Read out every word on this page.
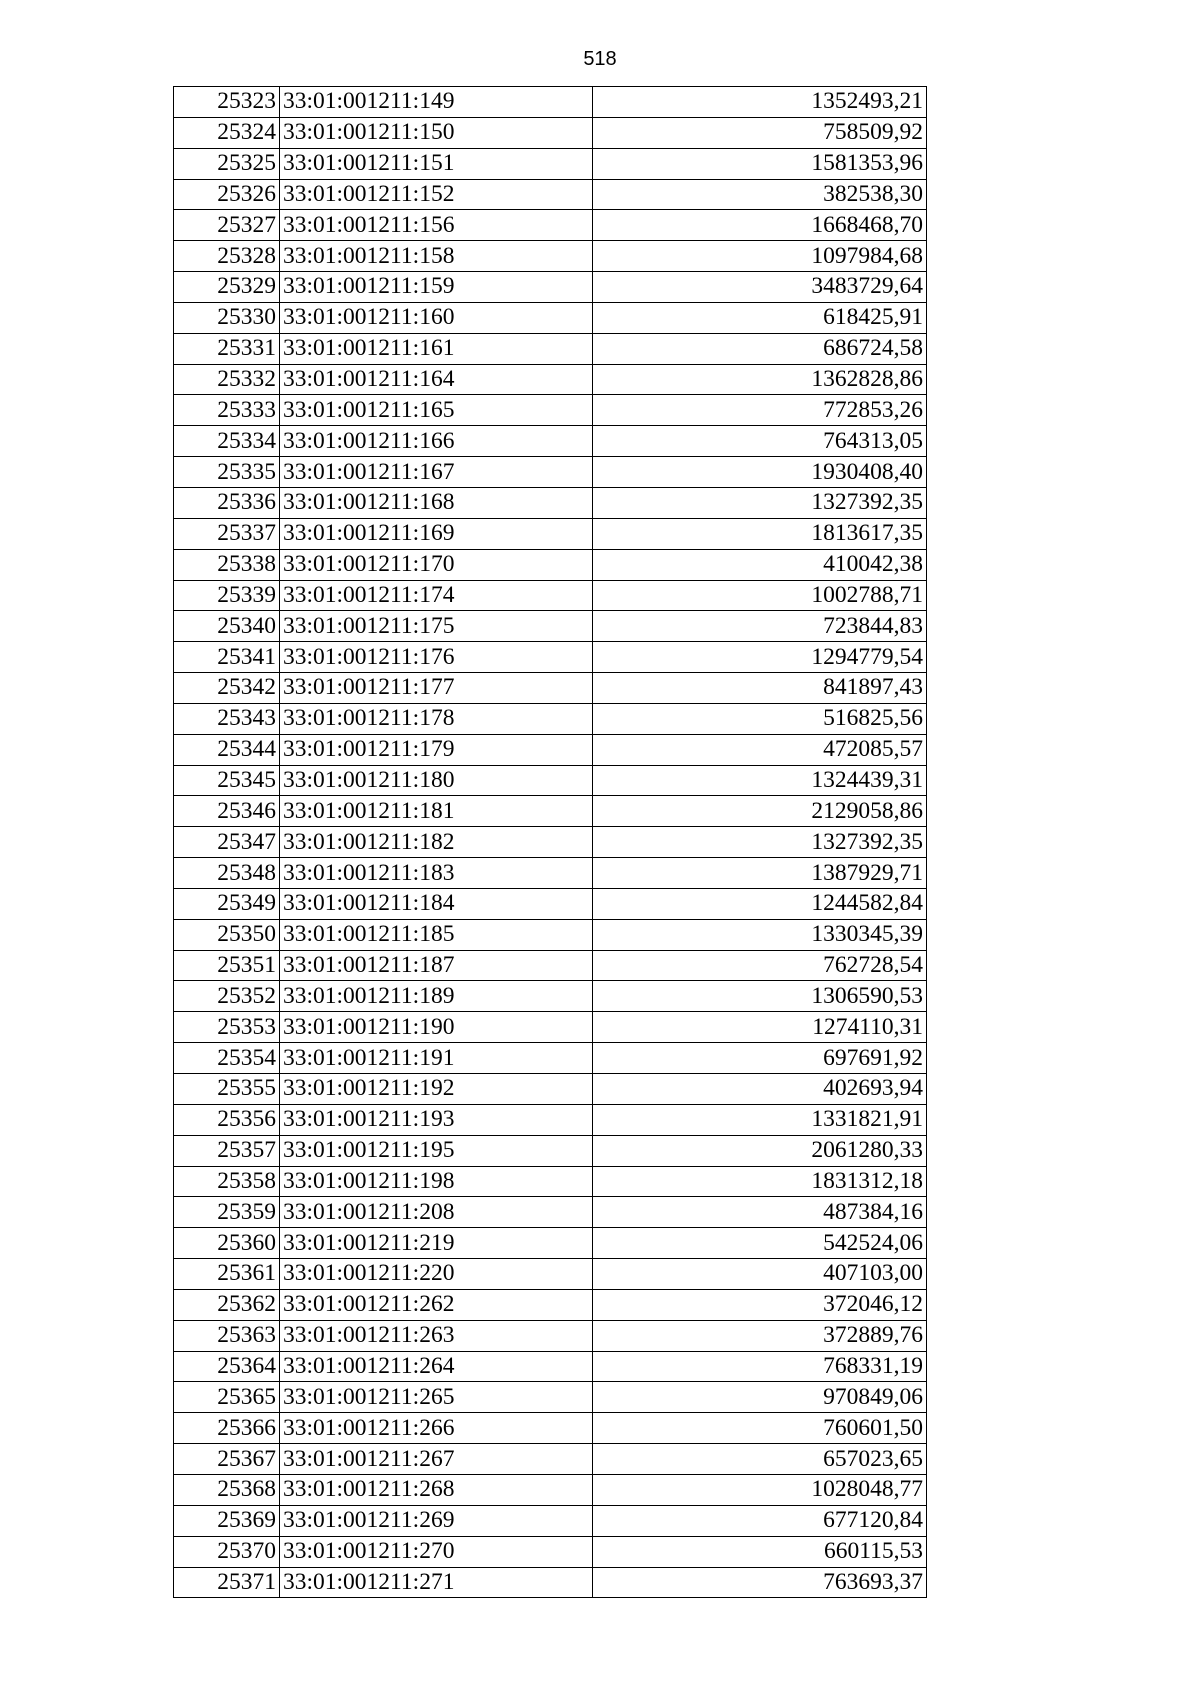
518
25323	33:01:001211:149	1352493,21
25324	33:01:001211:150	758509,92
25325	33:01:001211:151	1581353,96
25326	33:01:001211:152	382538,30
25327	33:01:001211:156	1668468,70
25328	33:01:001211:158	1097984,68
25329	33:01:001211:159	3483729,64
25330	33:01:001211:160	618425,91
25331	33:01:001211:161	686724,58
25332	33:01:001211:164	1362828,86
25333	33:01:001211:165	772853,26
25334	33:01:001211:166	764313,05
25335	33:01:001211:167	1930408,40
25336	33:01:001211:168	1327392,35
25337	33:01:001211:169	1813617,35
25338	33:01:001211:170	410042,38
25339	33:01:001211:174	1002788,71
25340	33:01:001211:175	723844,83
25341	33:01:001211:176	1294779,54
25342	33:01:001211:177	841897,43
25343	33:01:001211:178	516825,56
25344	33:01:001211:179	472085,57
25345	33:01:001211:180	1324439,31
25346	33:01:001211:181	2129058,86
25347	33:01:001211:182	1327392,35
25348	33:01:001211:183	1387929,71
25349	33:01:001211:184	1244582,84
25350	33:01:001211:185	1330345,39
25351	33:01:001211:187	762728,54
25352	33:01:001211:189	1306590,53
25353	33:01:001211:190	1274110,31
25354	33:01:001211:191	697691,92
25355	33:01:001211:192	402693,94
25356	33:01:001211:193	1331821,91
25357	33:01:001211:195	2061280,33
25358	33:01:001211:198	1831312,18
25359	33:01:001211:208	487384,16
25360	33:01:001211:219	542524,06
25361	33:01:001211:220	407103,00
25362	33:01:001211:262	372046,12
25363	33:01:001211:263	372889,76
25364	33:01:001211:264	768331,19
25365	33:01:001211:265	970849,06
25366	33:01:001211:266	760601,50
25367	33:01:001211:267	657023,65
25368	33:01:001211:268	1028048,77
25369	33:01:001211:269	677120,84
25370	33:01:001211:270	660115,53
25371	33:01:001211:271	763693,37
